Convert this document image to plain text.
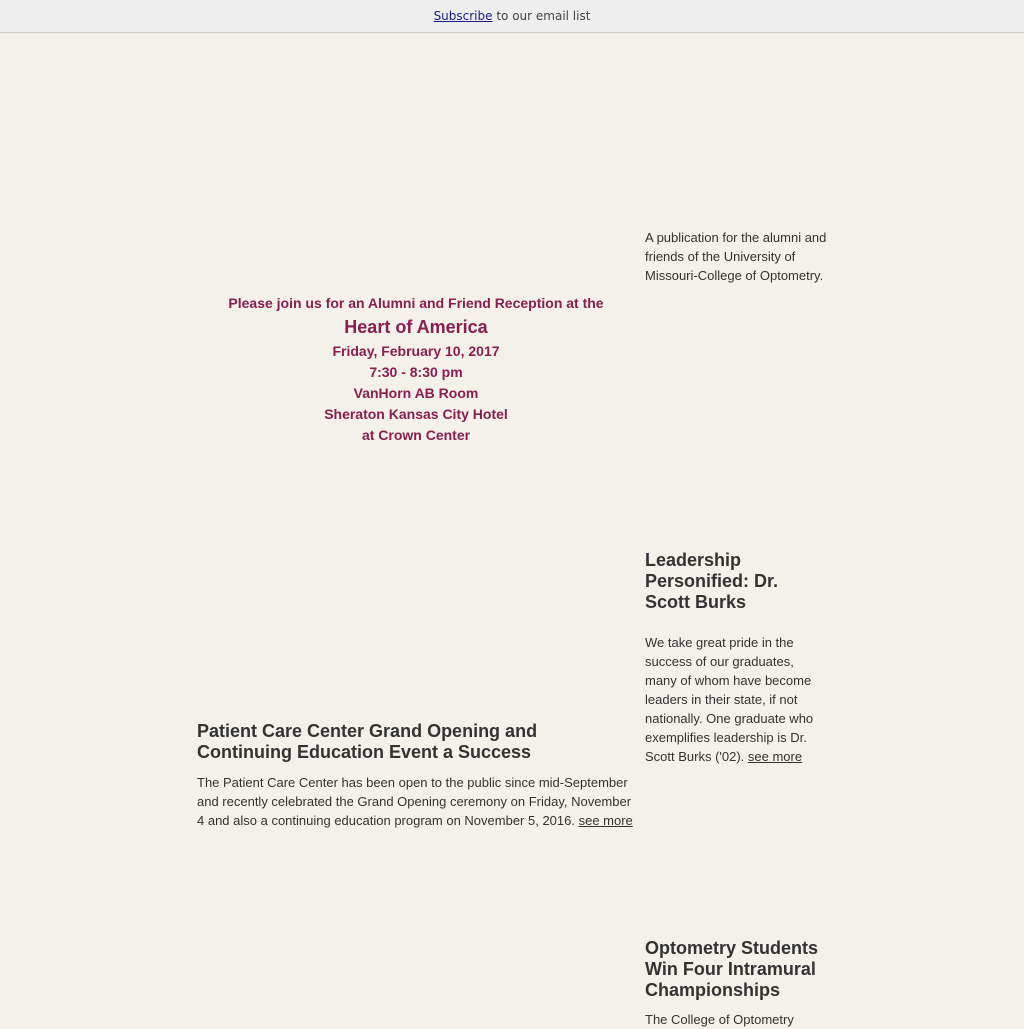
Subscribe to our email list
A publication for the alumni and friends of the University of Missouri-College of Optometry.
Please join us for an Alumni and Friend Reception at the
Heart of America
Friday, February 10, 2017
7:30 - 8:30 pm
VanHorn AB Room
Sheraton Kansas City Hotel
at Crown Center
Leadership Personified: Dr. Scott Burks
We take great pride in the success of our graduates, many of whom have become leaders in their state, if not nationally. One graduate who exemplifies leadership is Dr. Scott Burks ('02). see more
Patient Care Center Grand Opening and Continuing Education Event a Success
The Patient Care Center has been open to the public since mid-September and recently celebrated the Grand Opening ceremony on Friday, November 4 and also a continuing education program on November 5, 2016. see more
Optometry Students Win Four Intramural Championships
The College of Optometry
